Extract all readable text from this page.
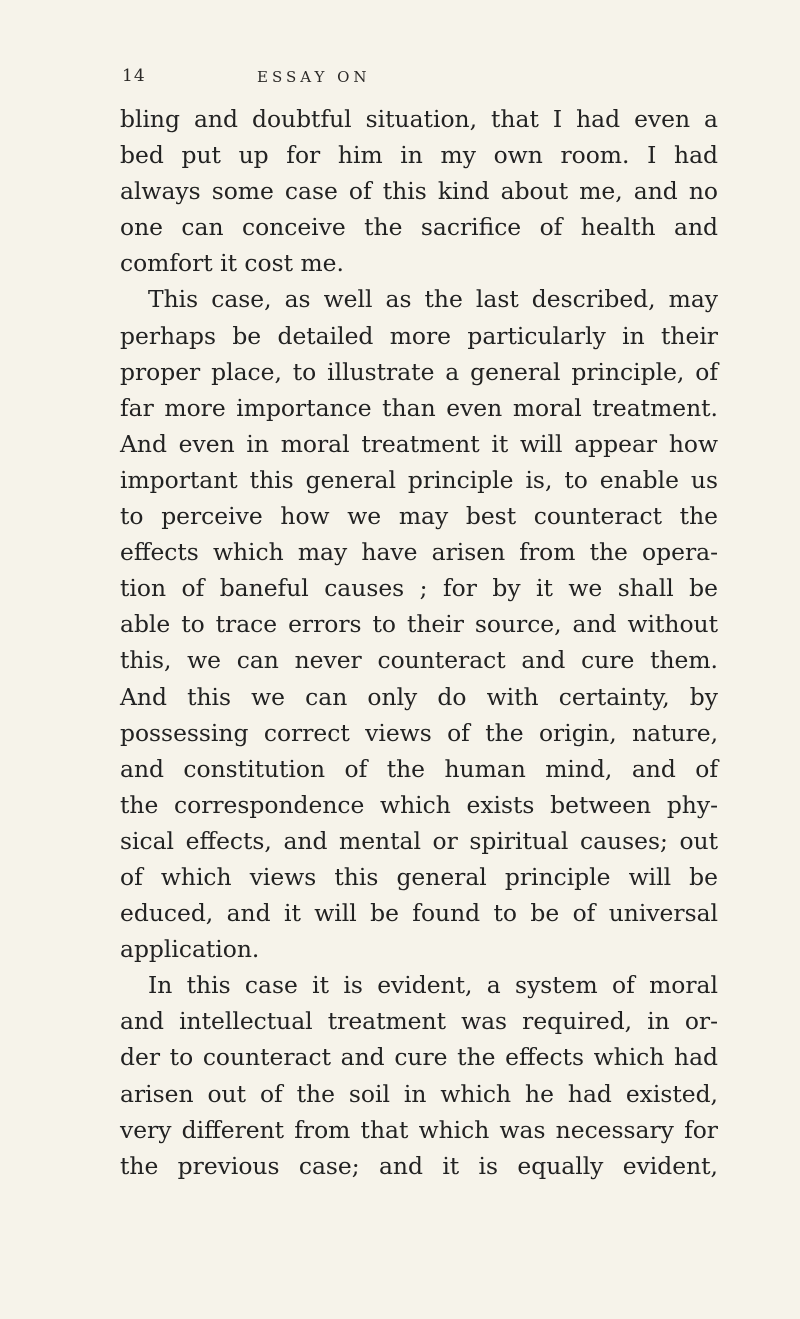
14	ESSAY ON
bling and doubtful situation, that I had even a
bed put up for him in my own room. I had
always some case of this kind about me, and no
one can conceive the sacrifice of health and
comfort it cost me.
This case, as well as the last described, may
perhaps be detailed more particularly in their
proper place, to illustrate a general principle, of
far more importance than even moral treatment.
And even in moral treatment it will appear how
important this general principle is, to enable us
to perceive how we may best counteract the
effects which may have arisen from the opera-
tion of baneful causes ; for by it we shall be
able to trace errors to their source, and without
this, we can never counteract and cure them.
And this we can only do with certainty, by
possessing correct views of the origin, nature,
and constitution of the human mind, and of
the correspondence which exists between phy-
sical effects, and mental or spiritual causes; out
of which views this general principle will be
educed, and it will be found to be of universal
application.
In this case it is evident, a system of moral
and intellectual treatment was required, in or-
der to counteract and cure the effects which had
arisen out of the soil in which he had existed,
very different from that which was necessary for
the previous case; and it is equally evident,
